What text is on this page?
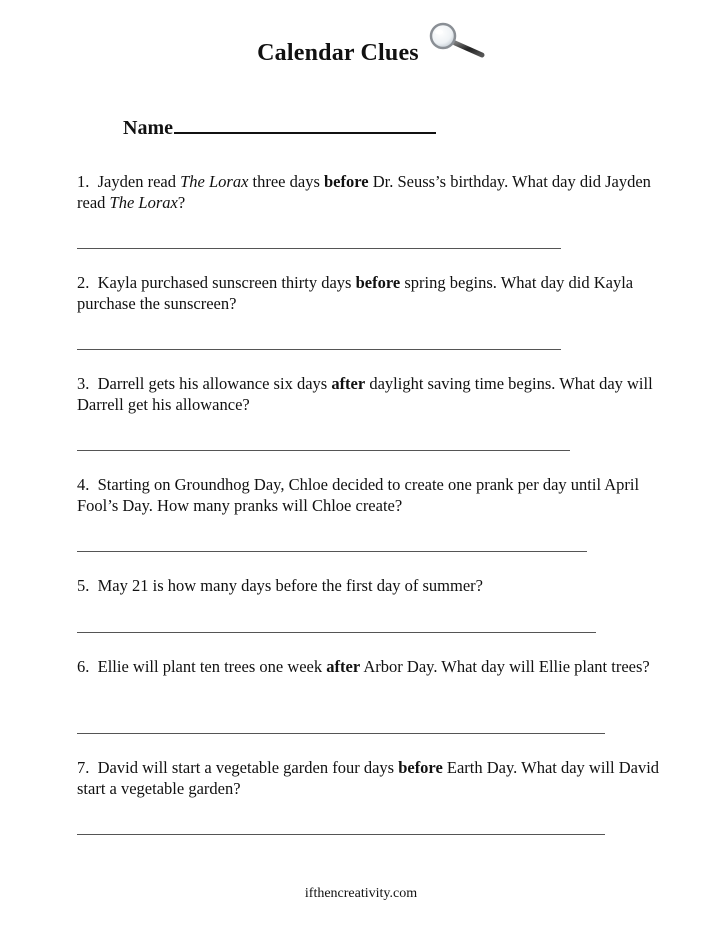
Calendar Clues
Name
1. Jayden read The Lorax three days before Dr. Seuss’s birthday. What day did Jayden read The Lorax?
2. Kayla purchased sunscreen thirty days before spring begins. What day did Kayla purchase the sunscreen?
3. Darrell gets his allowance six days after daylight saving time begins. What day will Darrell get his allowance?
4. Starting on Groundhog Day, Chloe decided to create one prank per day until April Fool’s Day. How many pranks will Chloe create?
5. May 21 is how many days before the first day of summer?
6. Ellie will plant ten trees one week after Arbor Day. What day will Ellie plant trees?
7. David will start a vegetable garden four days before Earth Day. What day will David start a vegetable garden?
ifthencreativity.com
